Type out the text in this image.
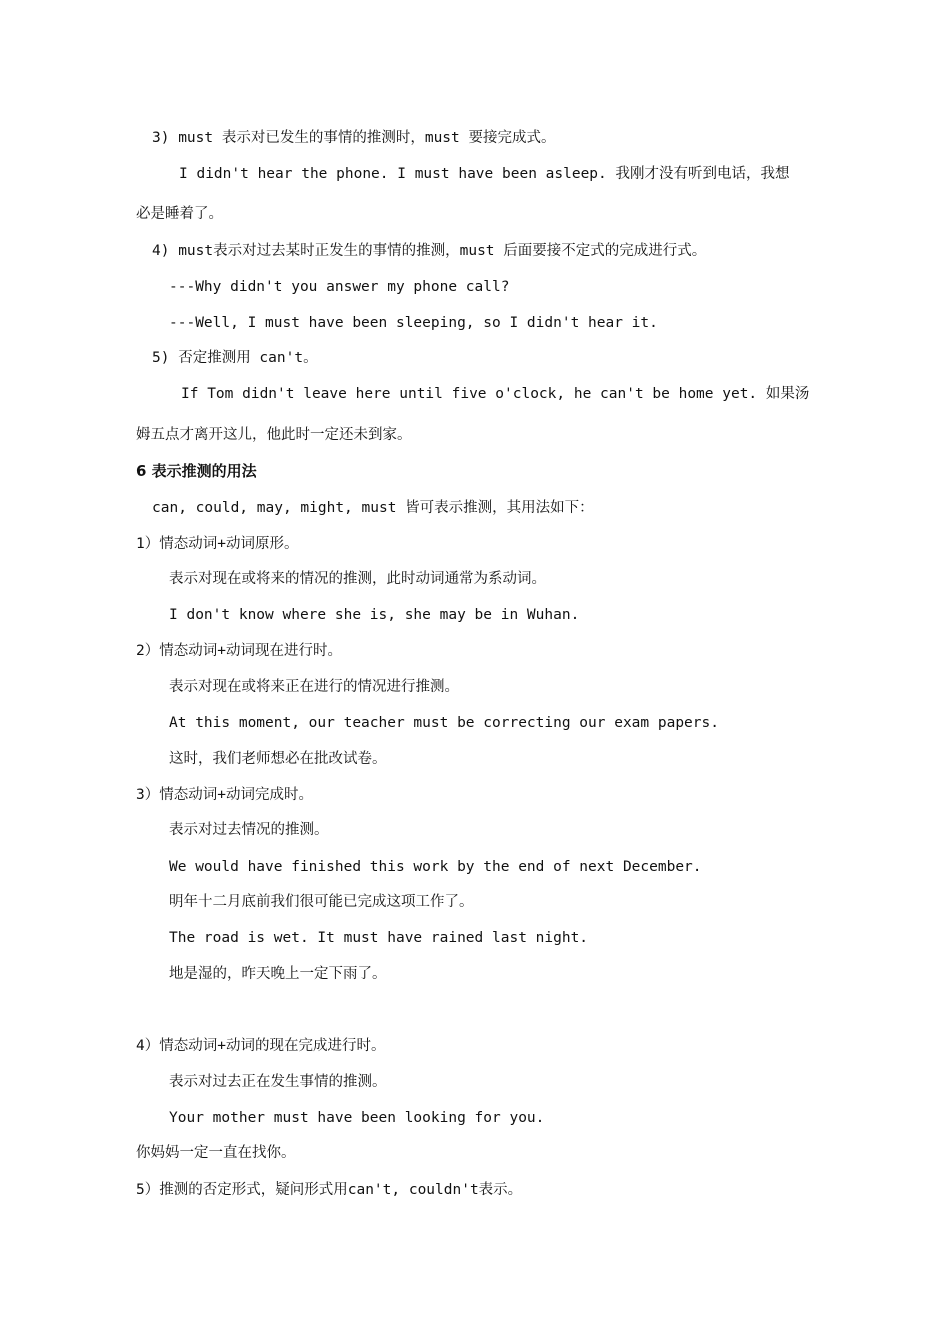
3) must 表示对已发生的事情的推测时，must 要接完成式。
I didn't hear the phone. I must have been asleep. 我刚才没有听到电话，我想
必是睡着了。
4) must表示对过去某时正发生的事情的推测，must 后面要接不定式的完成进行式。
---Why didn't you answer my phone call?
---Well, I must have been sleeping, so I didn't hear it.
5) 否定推测用 can't。
If Tom didn't leave here until five o'clock, he can't be home yet. 如果汤
姆五点才离开这儿，他此时一定还未到家。
6 表示推测的用法
can, could, may, might, must 皆可表示推测，其用法如下：
1）情态动词+动词原形。
表示对现在或将来的情况的推测，此时动词通常为系动词。
I don't know where she is, she may be in Wuhan.
2）情态动词+动词现在进行时。
表示对现在或将来正在进行的情况进行推测。
At this moment, our teacher must be correcting our exam papers.
这时，我们老师想必在批改试卷。
3）情态动词+动词完成时。
表示对过去情况的推测。
We would have finished this work by the end of next December.
明年十二月底前我们很可能已完成这项工作了。
The road is wet. It must have rained last night.
地是湿的，昨天晚上一定下雨了。
4）情态动词+动词的现在完成进行时。
表示对过去正在发生事情的推测。
Your mother must have been looking for you.
你妈妈一定一直在找你。
5）推测的否定形式，疑问形式用can't, couldn't表示。
